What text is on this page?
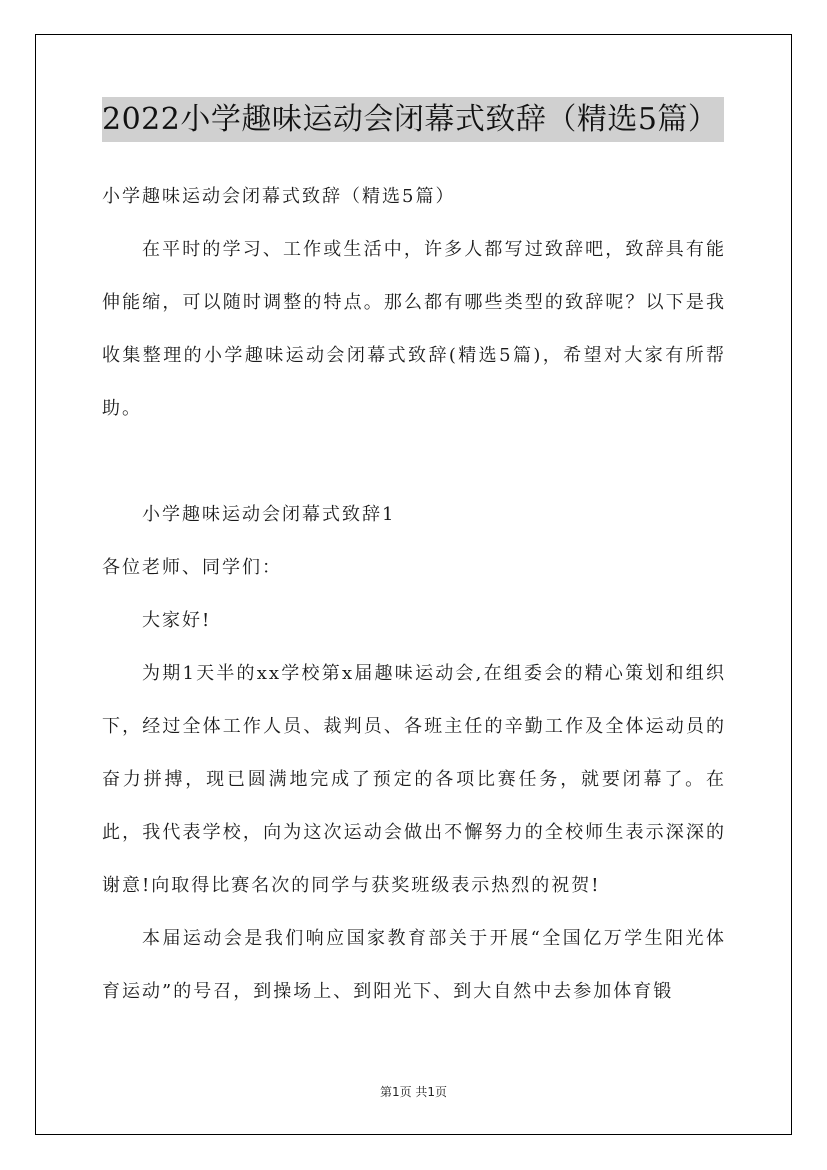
2022小学趣味运动会闭幕式致辞（精选5篇）

小学趣味运动会闭幕式致辞（精选5篇）

在平时的学习、工作或生活中，许多人都写过致辞吧，致辞具有能伸能缩，可以随时调整的特点。那么都有哪些类型的致辞呢？以下是我收集整理的小学趣味运动会闭幕式致辞(精选5篇)，希望对大家有所帮助。

小学趣味运动会闭幕式致辞1

各位老师、同学们：

大家好!

为期1天半的xx学校第x届趣味运动会,在组委会的精心策划和组织下，经过全体工作人员、裁判员、各班主任的辛勤工作及全体运动员的奋力拼搏，现已圆满地完成了预定的各项比赛任务，就要闭幕了。在此，我代表学校，向为这次运动会做出不懈努力的全校师生表示深深的谢意!向取得比赛名次的同学与获奖班级表示热烈的祝贺!

本届运动会是我们响应国家教育部关于开展“全国亿万学生阳光体育运动”的号召，到操场上、到阳光下、到大自然中去参加体育锻

第1页 共1页
